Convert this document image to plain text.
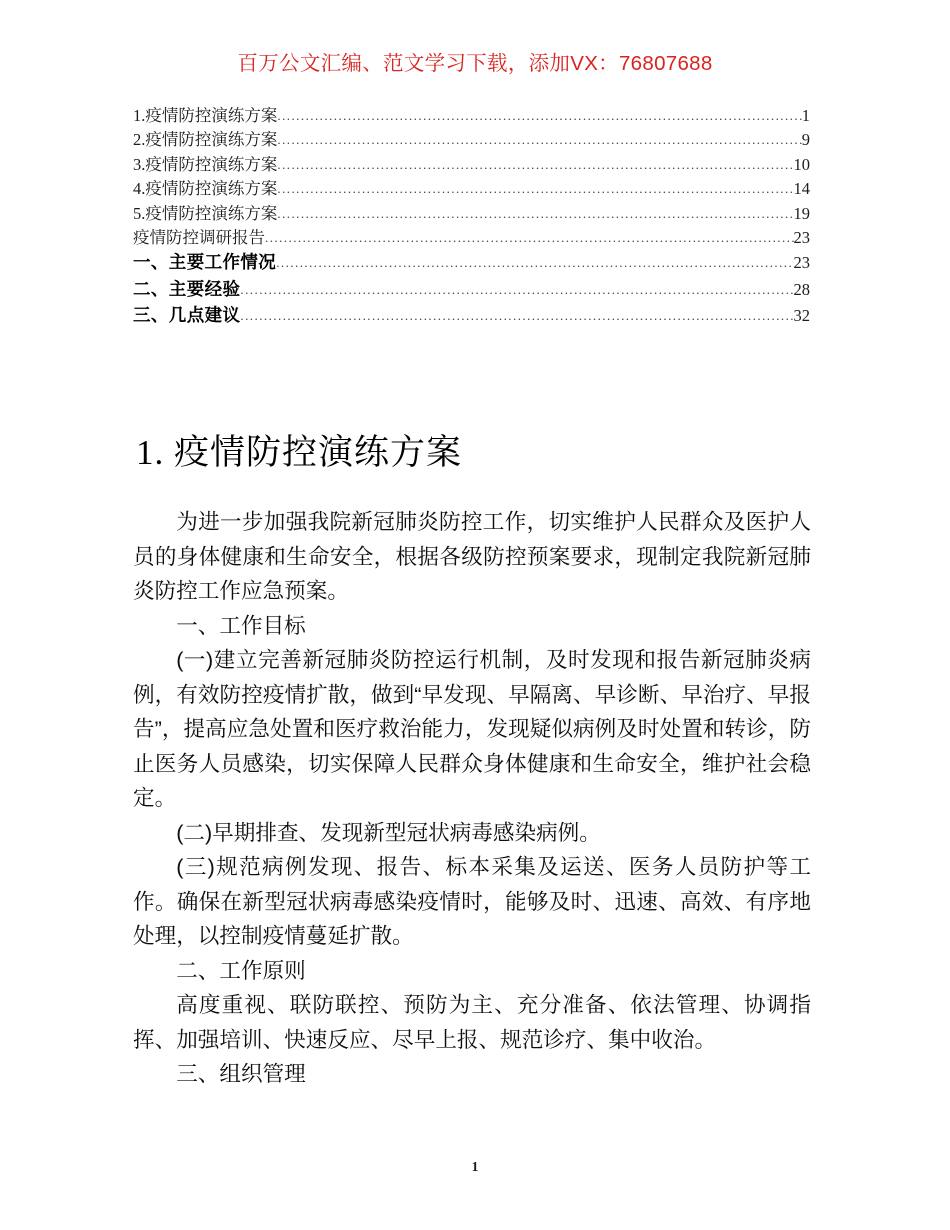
百万公文汇编、范文学习下载，添加VX：76807688
1.疫情防控演练方案 .....	1
2.疫情防控演练方案 .....	9
3.疫情防控演练方案 .....	10
4.疫情防控演练方案 .....	14
5.疫情防控演练方案 .....	19
疫情防控调研报告 .....	23
一、主要工作情况 .....	23
二、主要经验 .....	28
三、几点建议 .....	32
1. 疫情防控演练方案

为进一步加强我院新冠肺炎防控工作，切实维护人民群众及医护人员的身体健康和生命安全，根据各级防控预案要求，现制定我院新冠肺炎防控工作应急预案。

一、工作目标

(一)建立完善新冠肺炎防控运行机制，及时发现和报告新冠肺炎病例，有效防控疫情扩散，做到“早发现、早隔离、早诊断、早治疗、早报告”，提高应急处置和医疗救治能力，发现疑似病例及时处置和转诊，防止医务人员感染，切实保障人民群众身体健康和生命安全，维护社会稳定。

(二)早期排查、发现新型冠状病毒感染病例。

(三)规范病例发现、报告、标本采集及运送、医务人员防护等工作。确保在新型冠状病毒感染疫情时，能够及时、迅速、高效、有序地处理，以控制疫情蔓延扩散。

二、工作原则

高度重视、联防联控、预防为主、充分准备、依法管理、协调指挥、加强培训、快速反应、尽早上报、规范诊疗、集中收治。

三、组织管理

1
